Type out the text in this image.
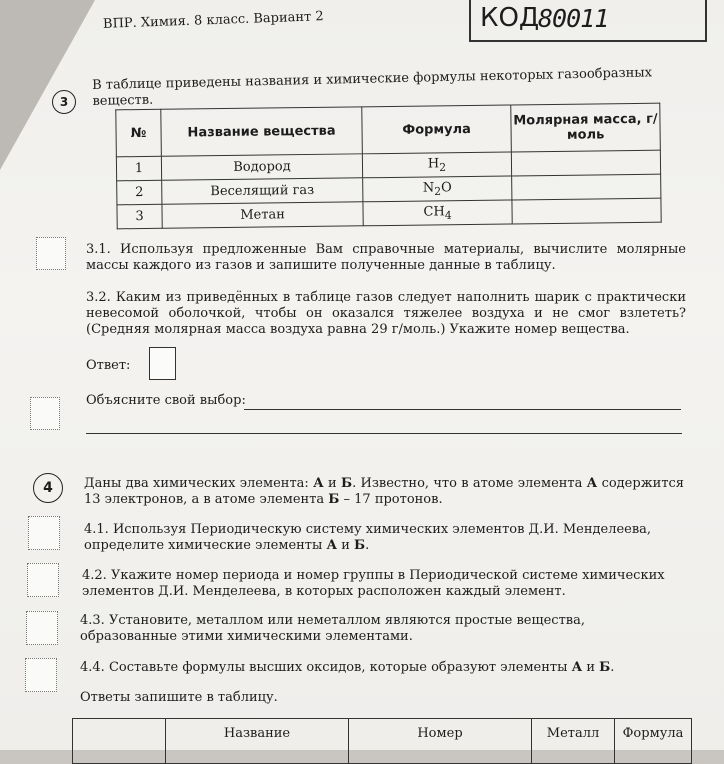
ВПР. Химия. 8 класс. Вариант 2	КОД
80011
3
В таблице приведены названия и химические формулы некоторых газообразных веществ.
№	Название вещества	Формула	Молярная масса, г/моль
1	Водород	$H_2$	
2	Веселящий газ	$N_2O$	
3	Метан	$CH_4$	
3.1. Используя предложенные Вам справочные материалы, вычислите молярные массы каждого из газов и запишите полученные данные в таблицу.
3.2. Каким из приведённых в таблице газов следует наполнить шарик с практически невесомой оболочкой, чтобы он оказался тяжелее воздуха и не смог взлететь? (Средняя молярная масса воздуха равна 29 г/моль.) Укажите номер вещества.
Ответ:
Объясните свой выбор:
4	Даны два химических элемента: А и Б. Известно, что в атоме элемента А содержится 13 электронов, а в атоме элемента Б – 17 протонов.
4.1. Используя Периодическую систему химических элементов Д.И. Менделеева, определите химические элементы А и Б.
4.2. Укажите номер периода и номер группы в Периодической системе химических элементов Д.И. Менделеева, в которых расположен каждый элемент.
4.3. Установите, металлом или неметаллом являются простые вещества, образованные этими химическими элементами.
4.4. Составьте формулы высших оксидов, которые образуют элементы А и Б.
Ответы запишите в таблицу.
	Название	Номер	Металл	Формула
